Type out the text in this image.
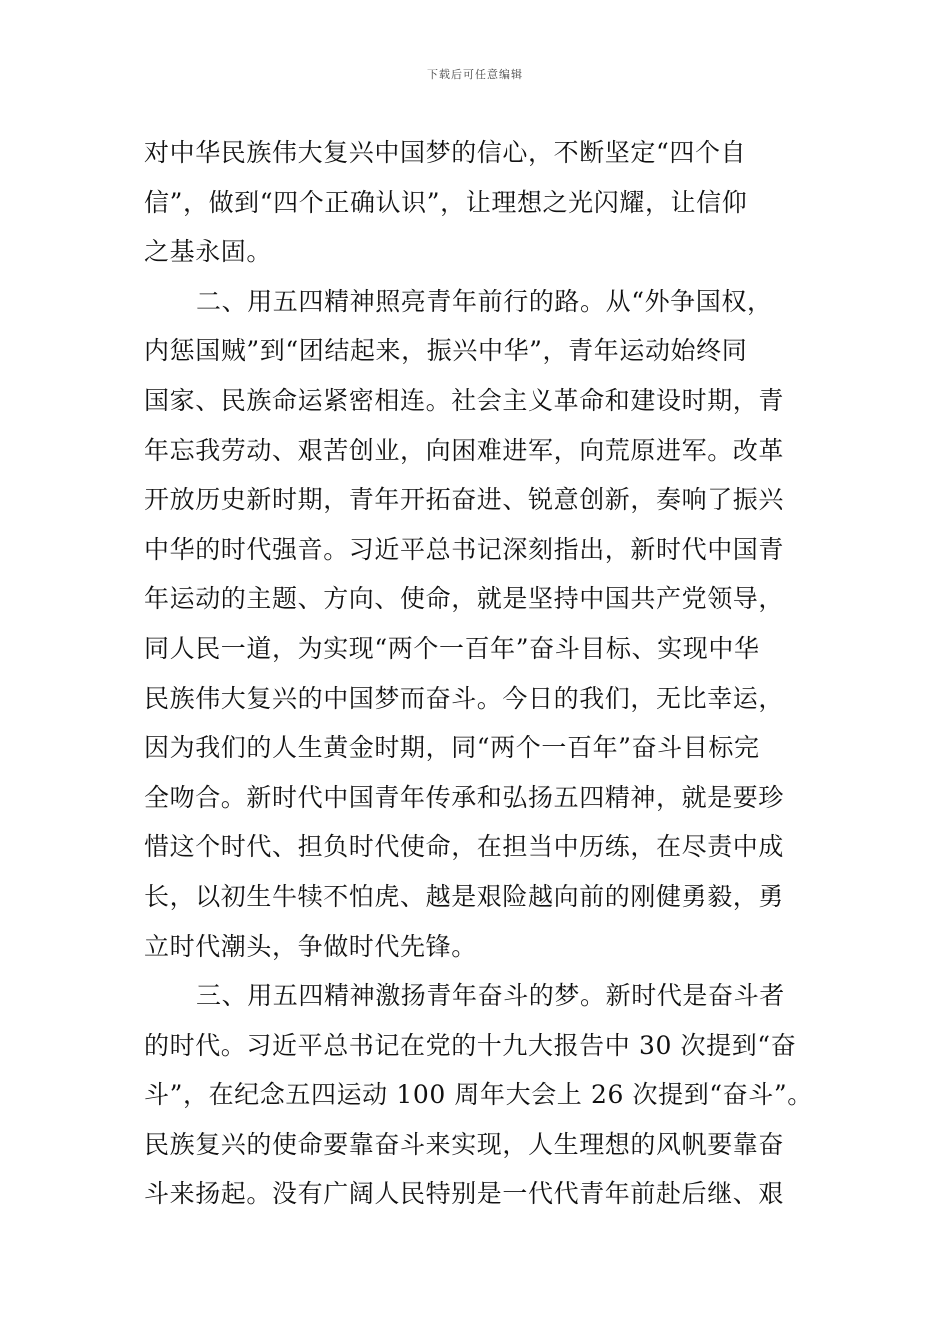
下载后可任意编辑
对中华民族伟大复兴中国梦的信心，不断坚定“四个自
信”，做到“四个正确认识”，让理想之光闪耀，让信仰
之基永固。
二、用五四精神照亮青年前行的路。从“外争国权，
内惩国贼”到“团结起来，振兴中华”，青年运动始终同
国家、民族命运紧密相连。社会主义革命和建设时期，青
年忘我劳动、艰苦创业，向困难进军，向荒原进军。改革
开放历史新时期，青年开拓奋进、锐意创新，奏响了振兴
中华的时代强音。习近平总书记深刻指出，新时代中国青
年运动的主题、方向、使命，就是坚持中国共产党领导，
同人民一道，为实现“两个一百年”奋斗目标、实现中华
民族伟大复兴的中国梦而奋斗。今日的我们，无比幸运，
因为我们的人生黄金时期，同“两个一百年”奋斗目标完
全吻合。新时代中国青年传承和弘扬五四精神，就是要珍
惜这个时代、担负时代使命，在担当中历练，在尽责中成
长，以初生牛犊不怕虎、越是艰险越向前的刚健勇毅，勇
立时代潮头，争做时代先锋。
三、用五四精神激扬青年奋斗的梦。新时代是奋斗者
的时代。习近平总书记在党的十九大报告中 30 次提到“奋
斗”，在纪念五四运动 100 周年大会上 26 次提到“奋斗”。
民族复兴的使命要靠奋斗来实现，人生理想的风帆要靠奋
斗来扬起。没有广阔人民特别是一代代青年前赴后继、艰
